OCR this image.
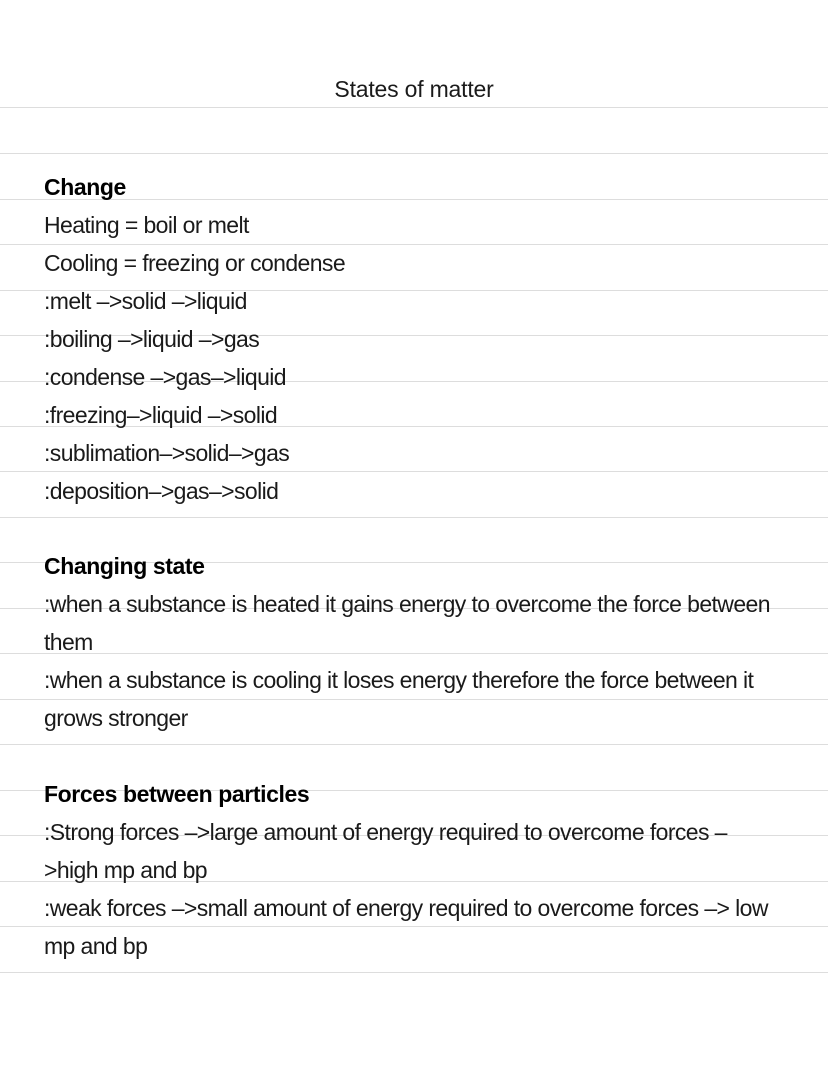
States of matter
Change
Heating = boil or melt
Cooling = freezing or condense
:melt –>solid –>liquid
:boiling –>liquid –>gas
:condense –>gas–>liquid
:freezing–>liquid –>solid
:sublimation–>solid–>gas
:deposition–>gas–>solid
Changing state
:when a substance is heated it gains energy to overcome the force between
them
:when a substance is cooling it loses energy therefore the force between it
grows stronger
Forces between particles
:Strong forces –>large amount of energy required to overcome forces –
>high mp and bp
:weak forces –>small amount of energy required to overcome forces –> low
mp and bp
